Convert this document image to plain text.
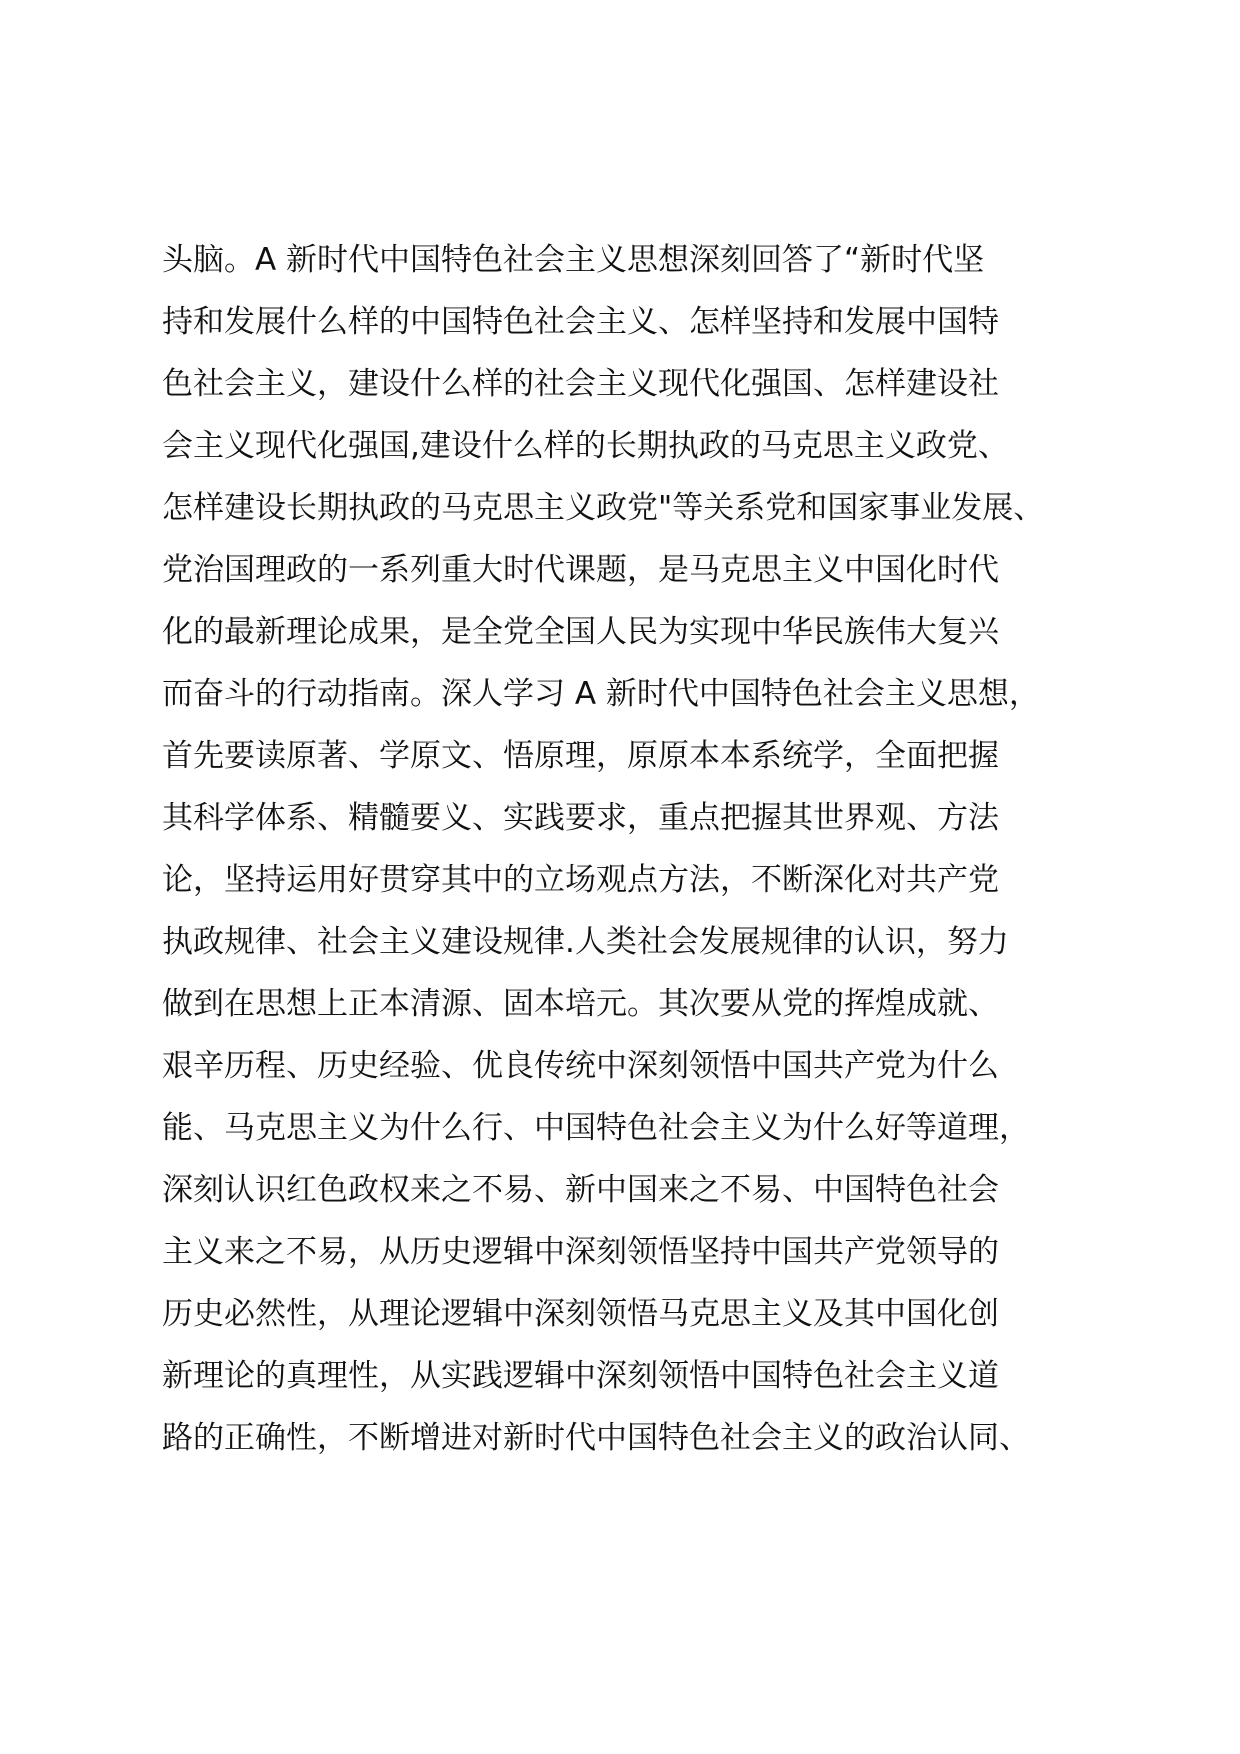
头脑。A 新时代中国特色社会主义思想深刻回答了“新时代坚
持和发展什么样的中国特色社会主义、怎样坚持和发展中国特
色社会主义，建设什么样的社会主义现代化强国、怎样建设社
会主义现代化强国,建设什么样的长期执政的马克思主义政党、
怎样建设长期执政的马克思主义政党"等关系党和国家事业发展、
党治国理政的一系列重大时代课题，是马克思主义中国化时代
化的最新理论成果，是全党全国人民为实现中华民族伟大复兴
而奋斗的行动指南。深人学习 A 新时代中国特色社会主义思想，
首先要读原著、学原文、悟原理，原原本本系统学，全面把握
其科学体系、精髓要义、实践要求，重点把握其世界观、方法
论，坚持运用好贯穿其中的立场观点方法，不断深化对共产党
执政规律、社会主义建设规律.人类社会发展规律的认识，努力
做到在思想上正本清源、固本培元。其次要从党的挥煌成就、
艰辛历程、历史经验、优良传统中深刻领悟中国共产党为什么
能、马克思主义为什么行、中国特色社会主义为什么好等道理，
深刻认识红色政权来之不易、新中国来之不易、中国特色社会
主义来之不易，从历史逻辑中深刻领悟坚持中国共产党领导的
历史必然性，从理论逻辑中深刻领悟马克思主义及其中国化创
新理论的真理性，从实践逻辑中深刻领悟中国特色社会主义道
路的正确性，不断增进对新时代中国特色社会主义的政治认同、
